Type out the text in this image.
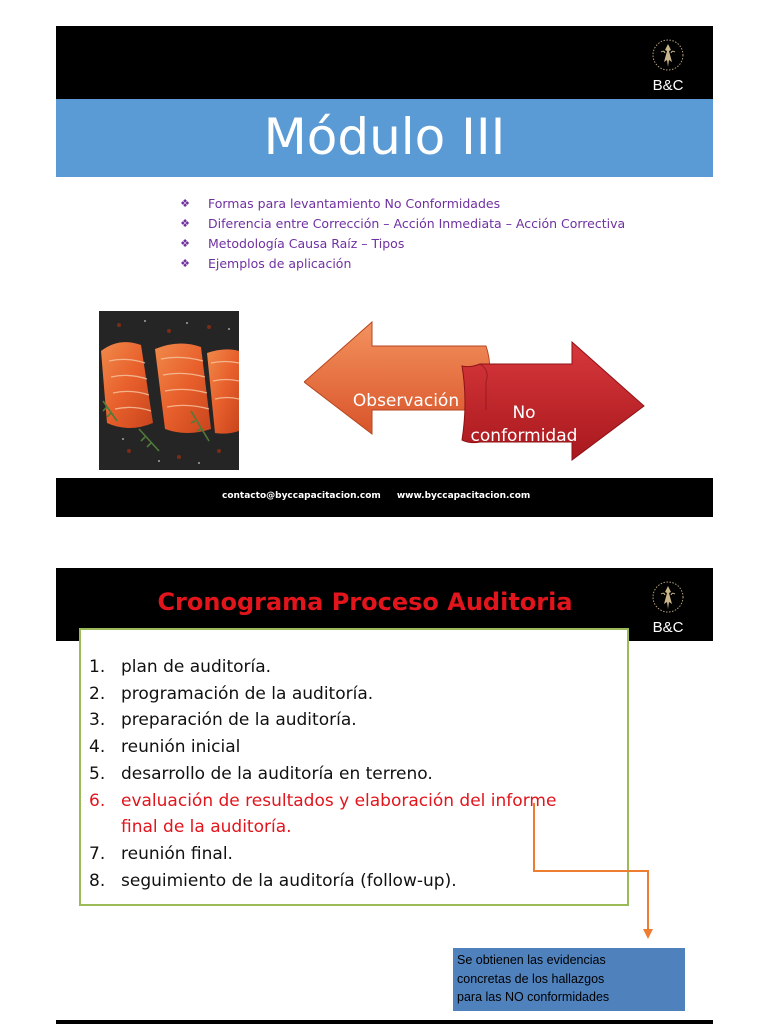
B&C
Módulo III
❖ Formas para levantamiento No Conformidades
❖ Diferencia entre Corrección – Acción Inmediata – Acción Correctiva
❖ Metodología Causa Raíz – Tipos
❖ Ejemplos de aplicación
Observación
No conformidad
contacto@byccapacitacion.com www.byccapacitacion.com
Cronograma Proceso Auditoria
B&C
1. plan de auditoría.
2. programación de la auditoría.
3. preparación de la auditoría.
4. reunión inicial
5. desarrollo de la auditoría en terreno.
6. evaluación de resultados y elaboración del informe
final de la auditoría.
7. reunión final.
8. seguimiento de la auditoría (follow-up).
Se obtienen las evidencias
concretas de los hallazgos
para las NO conformidades
